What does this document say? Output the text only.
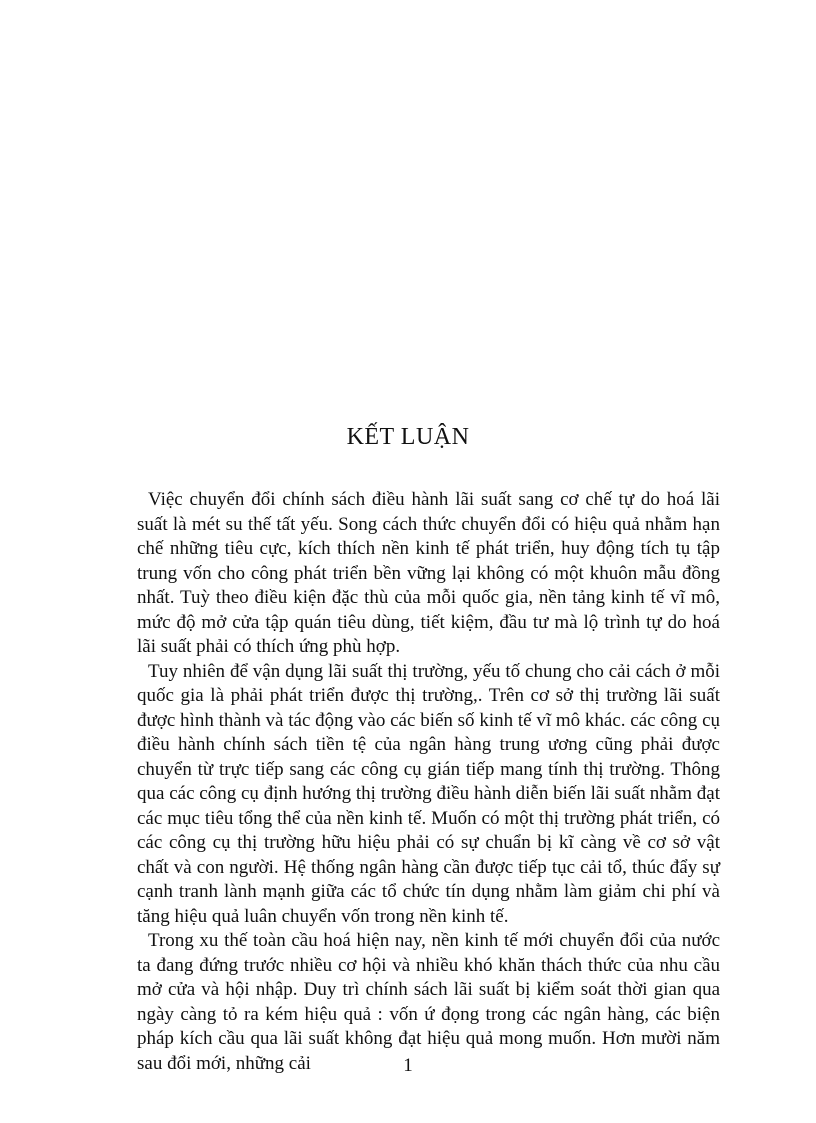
KẾT LUẬN

Việc chuyển đổi chính sách điều hành lãi suất sang cơ chế tự do hoá lãi suất là mét su thế tất yếu. Song cách thức chuyển đổi có hiệu quả nhằm hạn chế những tiêu cực, kích thích nền kinh tế phát triển, huy động tích tụ tập trung vốn cho công phát triển bền vững lại không có một khuôn mẫu đồng nhất. Tuỳ theo điều kiện đặc thù của mỗi quốc gia, nền tảng kinh tế vĩ mô, mức độ mở cửa tập quán tiêu dùng, tiết kiệm, đầu tư mà lộ trình tự do hoá lãi suất phải có thích ứng phù hợp.

Tuy nhiên để vận dụng lãi suất thị trường, yếu tố chung cho cải cách ở mỗi quốc gia là phải phát triển được thị trường,. Trên cơ sở thị trường lãi suất được hình thành và tác động vào các biến số kinh tế vĩ mô khác. các công cụ điều hành chính sách tiền tệ của ngân hàng trung ương cũng phải được chuyển từ trực tiếp sang các công cụ gián tiếp mang tính thị trường. Thông qua các công cụ định hướng thị trường điều hành diễn biến lãi suất nhằm đạt các mục tiêu tổng thể của nền kinh tế. Muốn có một thị trường phát triển, có các công cụ thị trường hữu hiệu phải có sự chuẩn bị kĩ càng về cơ sở vật chất và con người. Hệ thống ngân hàng cần được tiếp tục cải tổ, thúc đẩy sự cạnh tranh lành mạnh giữa các tổ chức tín dụng nhằm làm giảm chi phí và tăng hiệu quả luân chuyển vốn trong nền kinh tế.

Trong xu thế toàn cầu hoá hiện nay, nền kinh tế mới chuyển đổi của nước ta đang đứng trước nhiều cơ hội và nhiều khó khăn thách thức của nhu cầu mở cửa và hội nhập. Duy trì chính sách lãi suất bị kiểm soát thời gian qua ngày càng tỏ ra kém hiệu quả : vốn ứ đọng trong các ngân hàng, các biện pháp kích cầu qua lãi suất không đạt hiệu quả mong muốn. Hơn mười năm sau đổi mới, những cải	1
